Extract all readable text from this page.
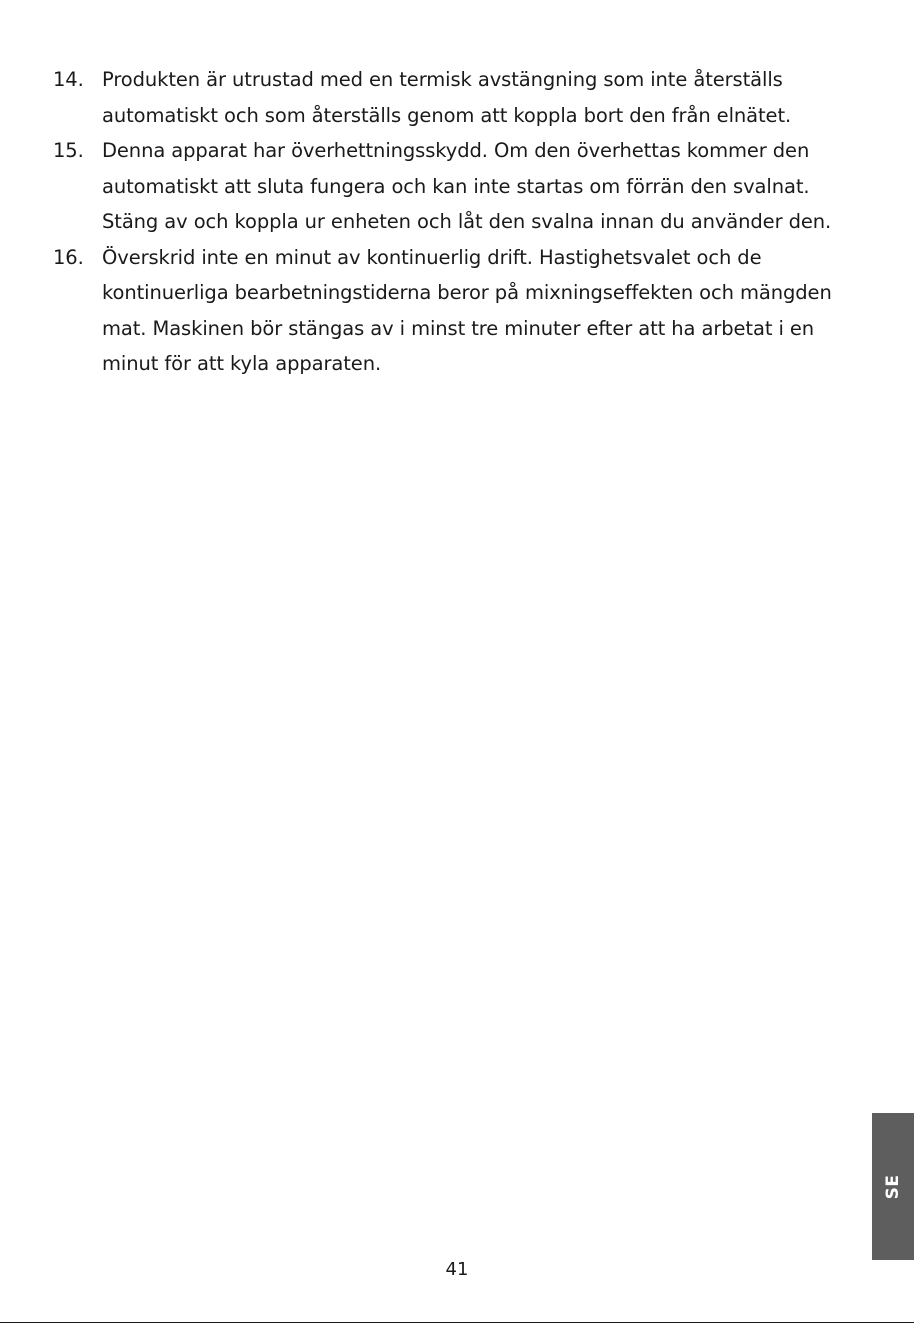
14. Produkten är utrustad med en termisk avstängning som inte återställs
automatiskt och som återställs genom att koppla bort den från elnätet.
15. Denna apparat har överhettningsskydd. Om den överhettas kommer den
automatiskt att sluta fungera och kan inte startas om förrän den svalnat.
Stäng av och koppla ur enheten och låt den svalna innan du använder den.
16. Överskrid inte en minut av kontinuerlig drift. Hastighetsvalet och de
kontinuerliga bearbetningstiderna beror på mixningseffekten och mängden
mat. Maskinen bör stängas av i minst tre minuter efter att ha arbetat i en
minut för att kyla apparaten.
SE
41
